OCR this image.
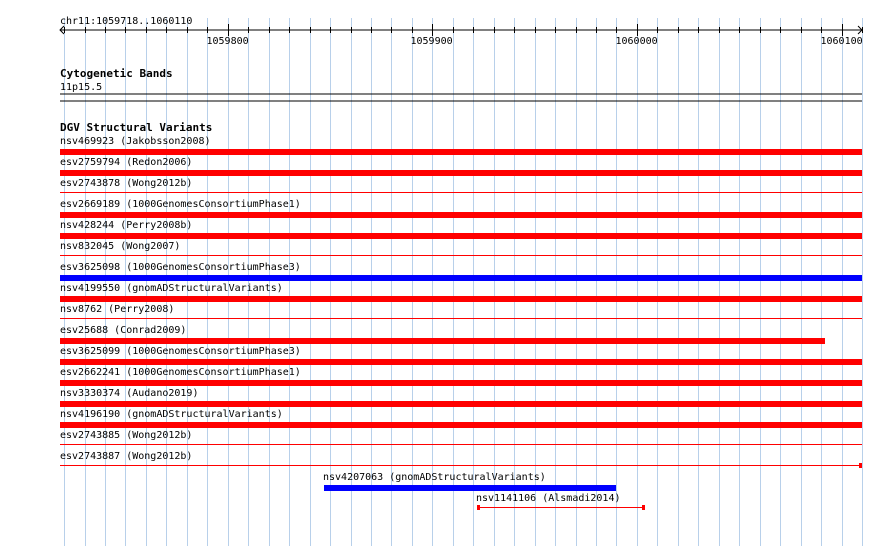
chr11:1059718..1060110
1059800	1059900	1060000	1060100
Cytogenetic Bands
11p15.5
DGV Structural Variants
nsv469923 (Jakobsson2008)
esv2759794 (Redon2006)
esv2743878 (Wong2012b)
esv2669189 (1000GenomesConsortiumPhase1)
nsv428244 (Perry2008b)
nsv832045 (Wong2007)
esv3625098 (1000GenomesConsortiumPhase3)
nsv4199550 (gnomADStructuralVariants)
nsv8762 (Perry2008)
esv25688 (Conrad2009)
esv3625099 (1000GenomesConsortiumPhase3)
esv2662241 (1000GenomesConsortiumPhase1)
nsv3330374 (Audano2019)
nsv4196190 (gnomADStructuralVariants)
esv2743885 (Wong2012b)
esv2743887 (Wong2012b)
nsv4207063 (gnomADStructuralVariants)
nsv1141106 (Alsmadi2014)
